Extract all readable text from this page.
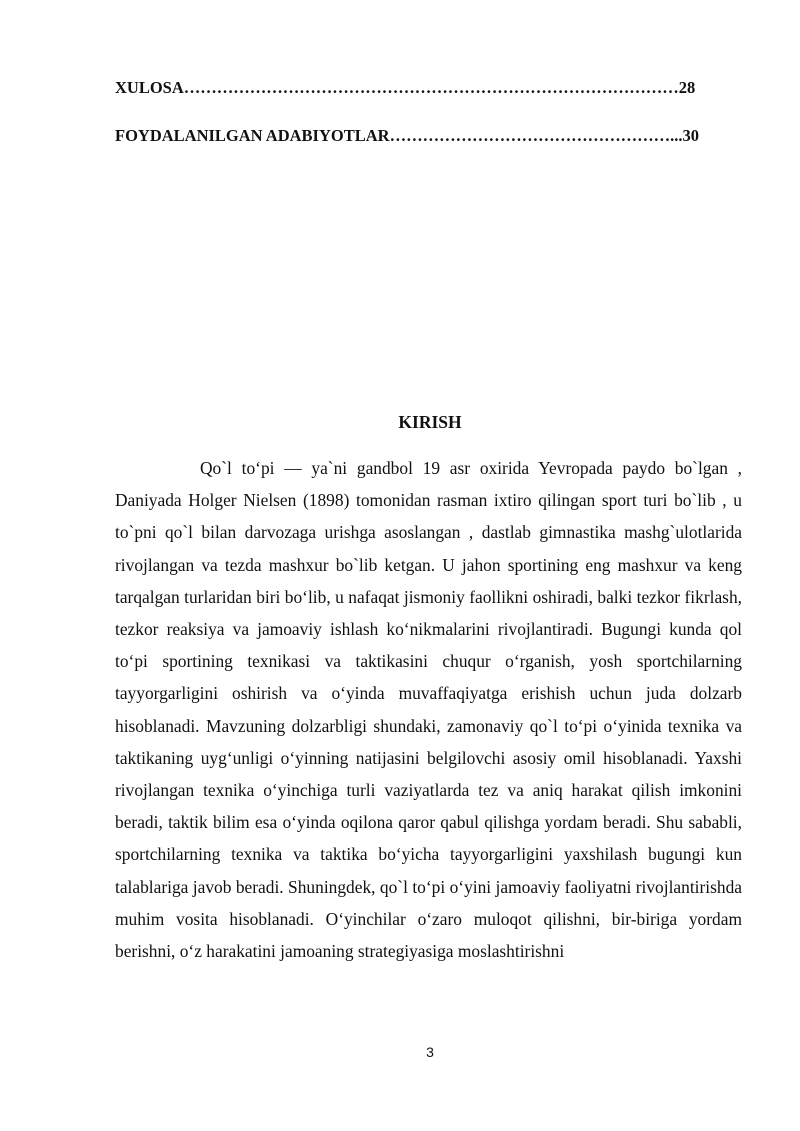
XULOSA………………………………………………………………………………28
FOYDALANILGAN ADABIYOTLAR……………………………………………...30
KIRISH

Qo`l to‘pi — ya`ni gandbol 19 asr oxirida Yevropada paydo bo`lgan , Daniyada Holger Nielsen (1898) tomonidan rasman ixtiro qilingan sport turi bo`lib , u to`pni qo`l bilan darvozaga urishga asoslangan , dastlab gimnastika mashg`ulotlarida rivojlangan va tezda mashxur bo`lib ketgan. U jahon sportining eng mashxur va keng tarqalgan turlaridan biri bo‘lib, u nafaqat jismoniy faollikni oshiradi, balki tezkor fikrlash, tezkor reaksiya va jamoaviy ishlash ko‘nikmalarini rivojlantiradi. Bugungi kunda qol to‘pi sportining texnikasi va taktikasini chuqur o‘rganish, yosh sportchilarning tayyorgarligini oshirish va o‘yinda muvaffaqiyatga erishish uchun juda dolzarb hisoblanadi. Mavzuning dolzarbligi shundaki, zamonaviy qo`l to‘pi o‘yinida texnika va taktikaning uyg‘unligi o‘yinning natijasini belgilovchi asosiy omil hisoblanadi. Yaxshi rivojlangan texnika o‘yinchiga turli vaziyatlarda tez va aniq harakat qilish imkonini beradi, taktik bilim esa o‘yinda oqilona qaror qabul qilishga yordam beradi. Shu sababli, sportchilarning texnika va taktika bo‘yicha tayyorgarligini yaxshilash bugungi kun talablariga javob beradi. Shuningdek, qo`l to‘pi o‘yini jamoaviy faoliyatni rivojlantirishda muhim vosita hisoblanadi. O‘yinchilar o‘zaro muloqot qilishni, bir-biriga yordam berishni, o‘z harakatini jamoaning strategiyasiga moslashtirishni

3
